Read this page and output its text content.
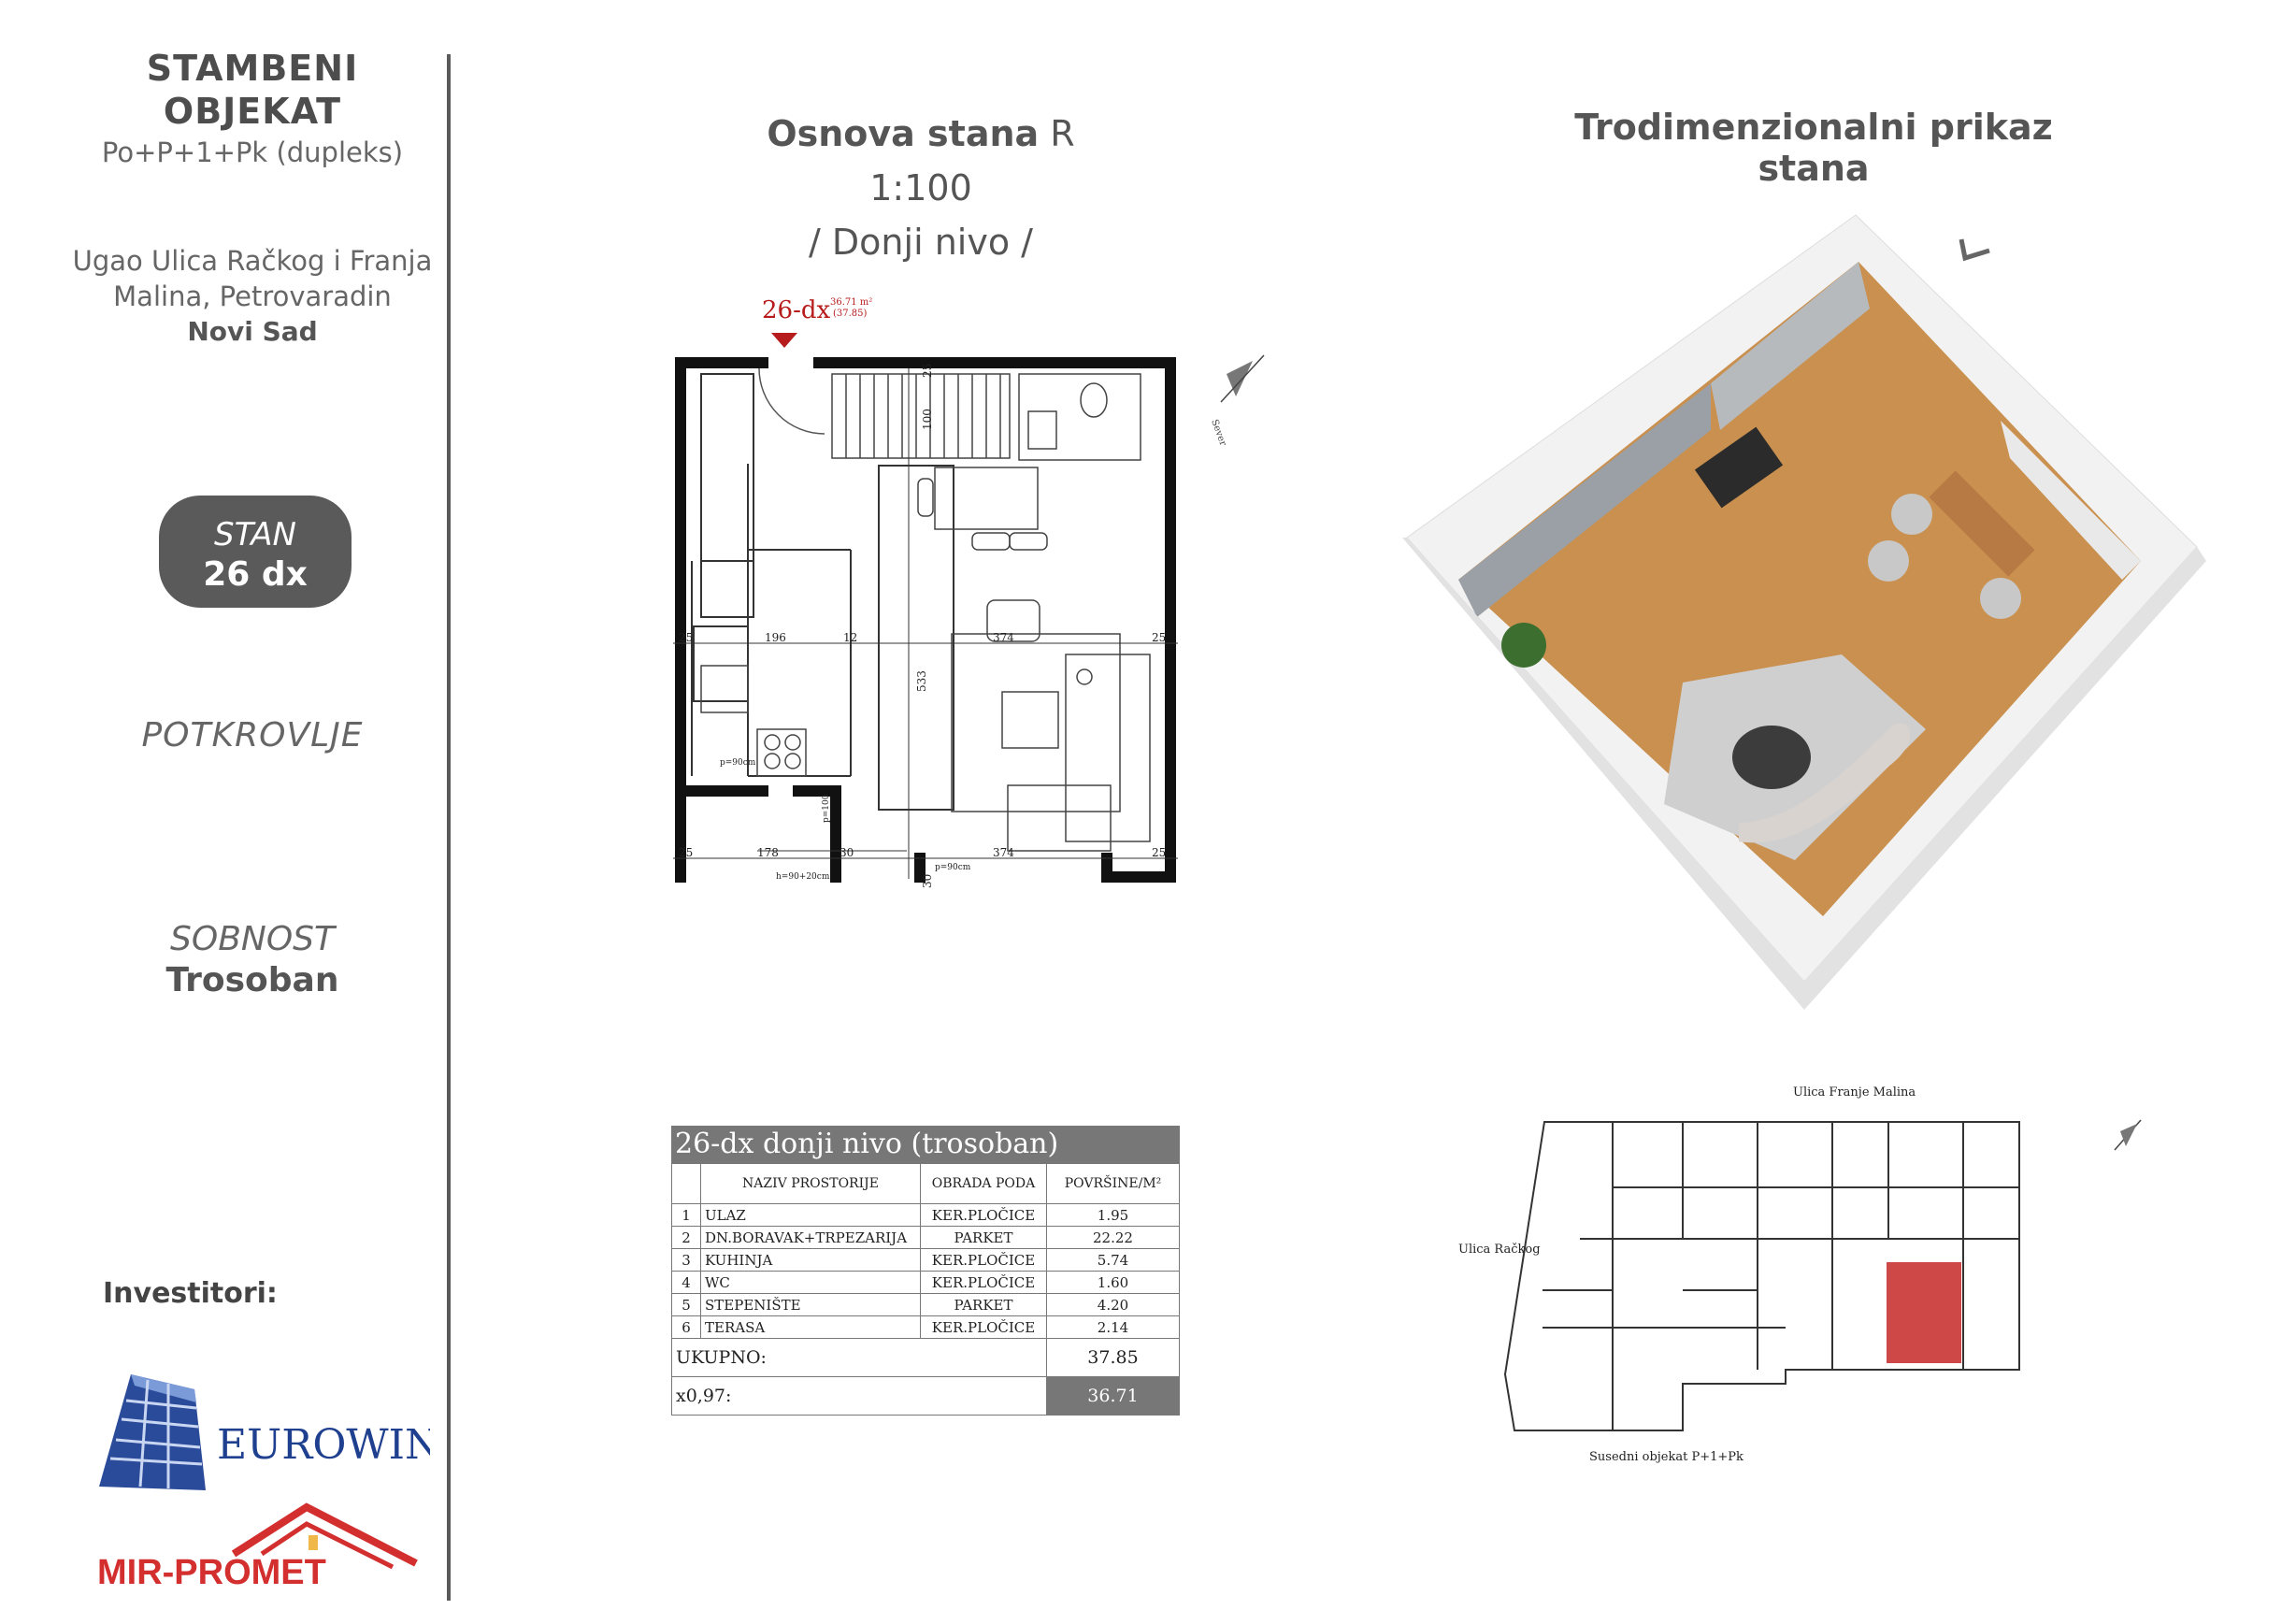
STAMBENI
OBJEKAT
Po+P+1+Pk (dupleks)
Ugao Ulica Račkog i Franja
Malina, Petrovaradin
Novi Sad
STAN
26 dx
POTKROVLJE
SOBNOST
Trosoban
Investitori:
EUROWIN
MIR-PROMET
Osnova stana R 1:100
/ Donji nivo /
Trodimenzionalni prikaz stana
26-dx 36.71 m²
(37.85)
25	196	12	374	25
25	178	30	374	25
533
25
100
30
p=90cm
p=90cm
h=90+20cm
p=100
Sever
26-dx donji nivo (trosoban)
	NAZIV PROSTORIJE	OBRADA PODA	POVRŠINE/M²
1	ULAZ	KER.PLOČICE	1.95
2	DN.BORAVAK+TRPEZARIJA	PARKET	22.22
3	KUHINJA	KER.PLOČICE	5.74
4	WC	KER.PLOČICE	1.60
5	STEPENIŠTE	PARKET	4.20
6	TERASA	KER.PLOČICE	2.14
UKUPNO:			37.85
x0,97:			36.71
Ulica Franje Malina
Ulica Račkog
Susedni objekat P+1+Pk
